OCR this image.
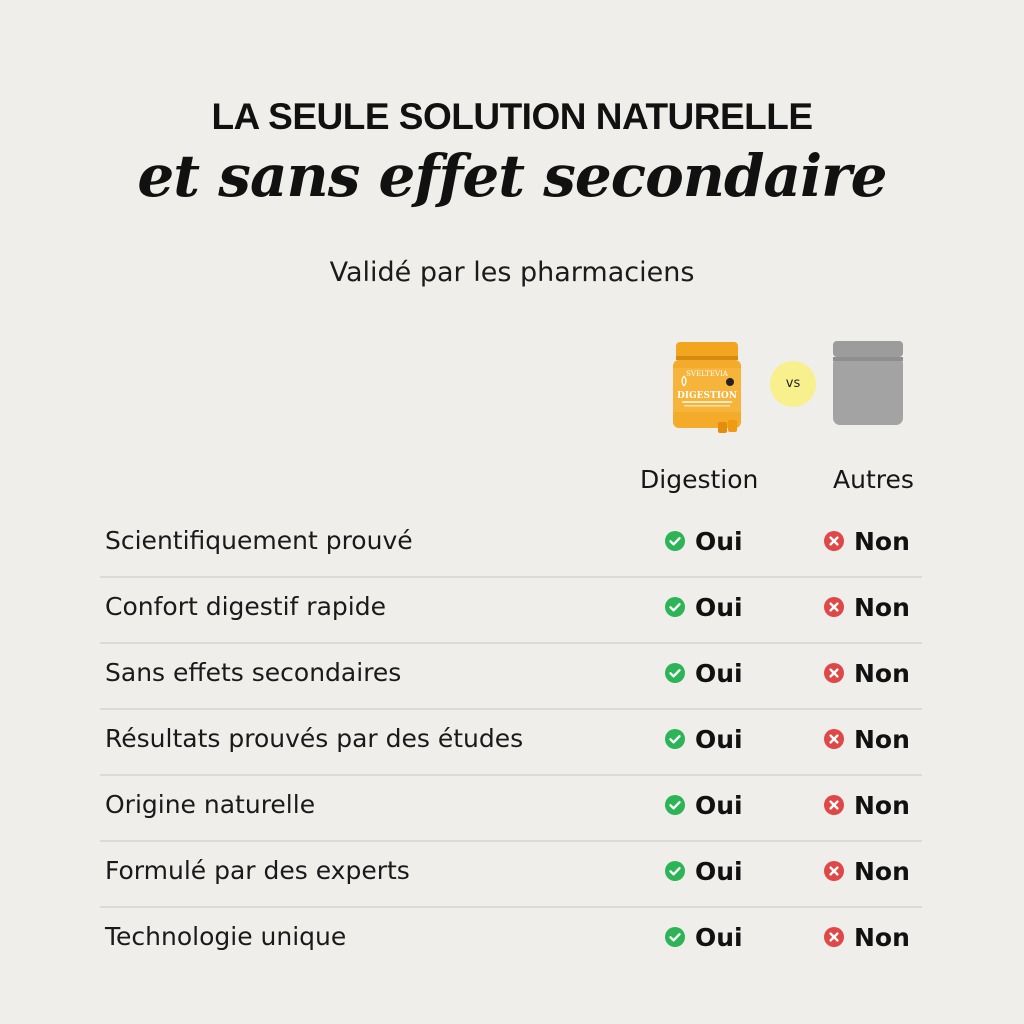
LA SEULE SOLUTION NATURELLE
et sans effet secondaire
Validé par les pharmaciens
SVELTEVIA
DIGESTION
vs
Digestion	Autres
Scientifiquement prouvé	Oui	Non
Confort digestif rapide	Oui	Non
Sans effets secondaires	Oui	Non
Résultats prouvés par des études	Oui	Non
Origine naturelle	Oui	Non
Formulé par des experts	Oui	Non
Technologie unique	Oui	Non
